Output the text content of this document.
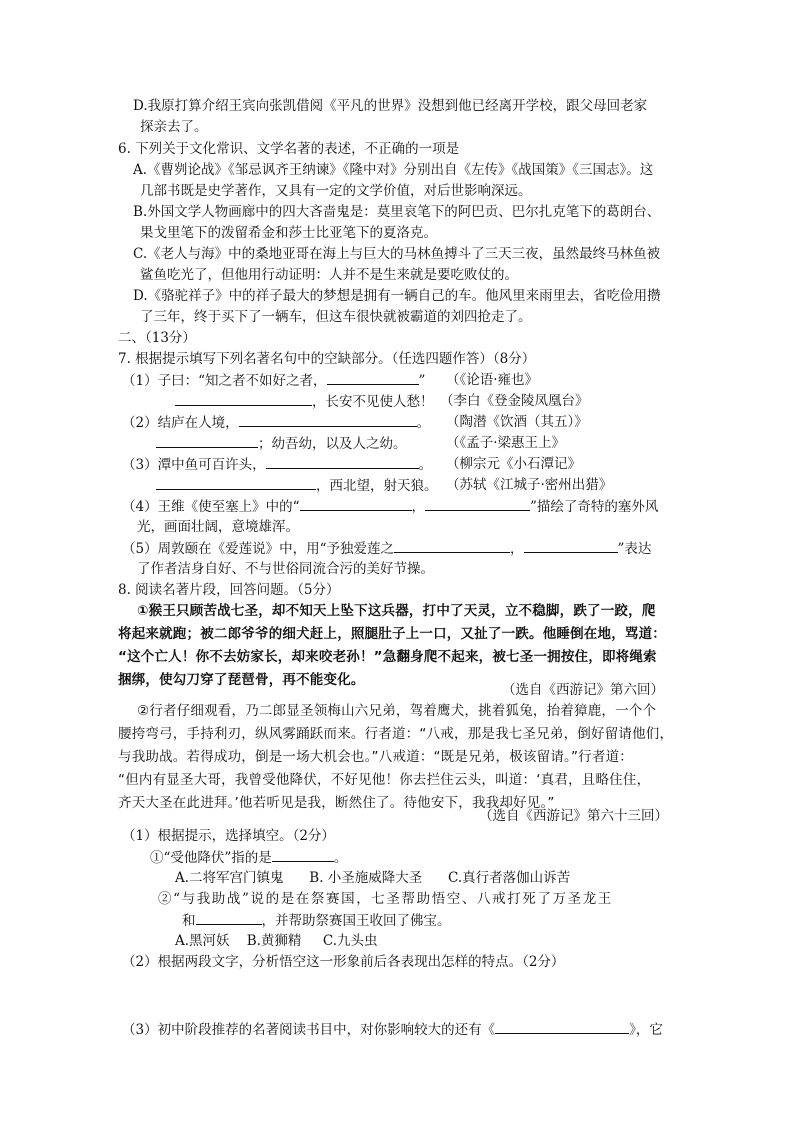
D.我原打算介绍王宾向张凯借阅《平凡的世界》没想到他已经离开学校，跟父母回老家
探亲去了。
6. 下列关于文化常识、文学名著的表述，不正确的一项是
A.《曹刿论战》《邹忌讽齐王纳谏》《隆中对》分别出自《左传》《战国策》《三国志》。这
几部书既是史学著作，又具有一定的文学价值，对后世影响深远。
B.外国文学人物画廊中的四大吝啬鬼是：莫里哀笔下的阿巴贡、巴尔扎克笔下的葛朗台、
果戈里笔下的泼留希金和莎士比亚笔下的夏洛克。
C.《老人与海》中的桑地亚哥在海上与巨大的马林鱼搏斗了三天三夜，虽然最终马林鱼被
鲨鱼吃光了，但他用行动证明：人并不是生来就是要吃败仗的。
D.《骆驼祥子》中的祥子最大的梦想是拥有一辆自己的车。他风里来雨里去，省吃俭用攒
了三年，终于买下了一辆车，但这车很快就被霸道的刘四抢走了。
二、（13分）
7. 根据提示填写下列名著名句中的空缺部分。（任选四题作答）（8分）
（1）子曰：“知之者不如好之者，	” （《论语·雍也》
，长安不见使人愁！ （李白《登金陵凤凰台》
（2）结庐在人境，	。 （陶潜《饮酒（其五）》
；幼吾幼，以及人之幼。	（《孟子·梁惠王上》
（3）潭中鱼可百许头，	。 （柳宗元《小石潭记》
，西北望，射天狼。 （苏轼《江城子·密州出猎》
（4）王维《使至塞上》中的“	，	”描绘了奇特的塞外风
光，画面壮阔，意境雄浑。
（5）周敦颐在《爱莲说》中，用“予独爱莲之	，	”表达
了作者洁身自好、不与世俗同流合污的美好节操。
8. 阅读名著片段，回答问题。（5分）
①猴王只顾苦战七圣，却不知天上坠下这兵器，打中了天灵，立不稳脚，跌了一跤，爬
将起来就跑；被二郎爷爷的细犬赶上，照腿肚子上一口，又扯了一跌。他睡倒在地，骂道：
“这个亡人！你不去妨家长，却来咬老孙！”急翻身爬不起来，被七圣一拥按住，即将绳索
捆绑，使勾刀穿了琵琶骨，再不能变化。
（选自《西游记》第六回）
②行者仔细观看，乃二郎显圣领梅山六兄弟，驾着鹰犬，挑着狐兔，抬着獐鹿，一个个
腰挎弯弓，手持利刃，纵风雾踊跃而来。行者道：“八戒，那是我七圣兄弟，倒好留请他们，
与我助战。若得成功，倒是一场大机会也。”八戒道：“既是兄弟，极该留请。”行者道：
“但内有显圣大哥，我曾受他降伏，不好见他！你去拦住云头，叫道：‘真君，且略住住，
齐天大圣在此进拜。’他若听见是我，断然住了。待他安下，我我却好见。”
（选自《西游记》第六十三回）
（1）根据提示，选择填空。（2分）
①“受他降伏”指的是	。
A.二将军宫门镇鬼      B. 小圣施威降大圣      C.真行者落伽山诉苦
②“与我助战”说的是在祭赛国，七圣帮助悟空、八戒打死了万圣龙王
和	，并帮助祭赛国王收回了佛宝。
A.黑河妖    B.黄狮精     C.九头虫
（2）根据两段文字，分析悟空这一形象前后各表现出怎样的特点。（2分）
（3）初中阶段推荐的名著阅读书目中，对你影响较大的还有《	》，它
